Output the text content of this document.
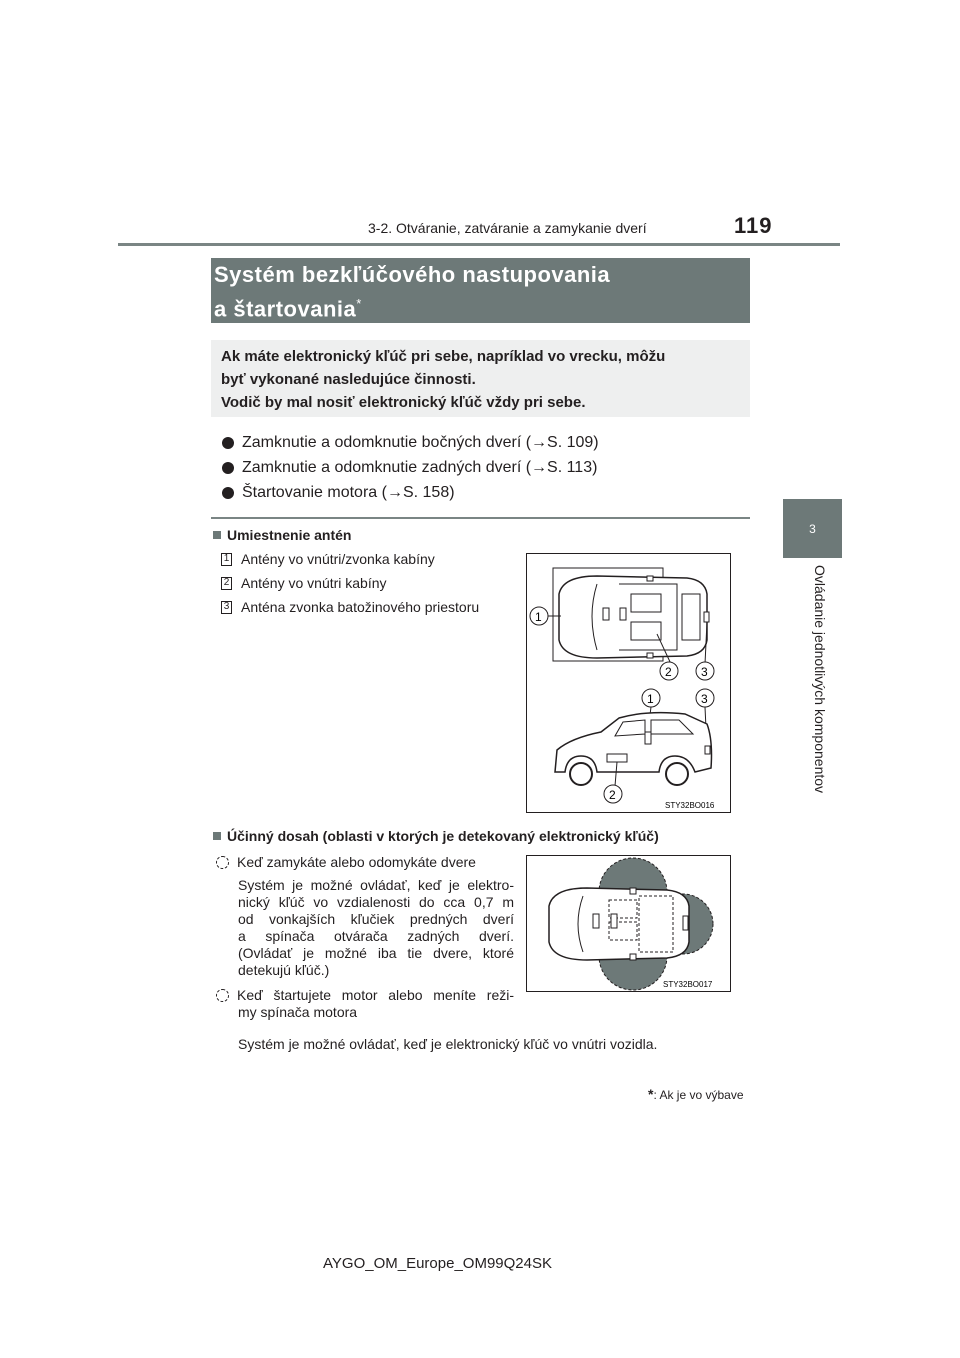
3-2. Otváranie, zatváranie a zamykanie dverí	119
3
Ovládanie jednotlivých komponentov
Systém bezkľúčového nastupovania
a štartovania*
Ak máte elektronický kľúč pri sebe, napríklad vo vrecku, môžu
byť vykonané nasledujúce činnosti.
Vodič by mal nosiť elektronický kľúč vždy pri sebe.
Zamknutie a odomknutie bočných dverí (→S. 109)
Zamknutie a odomknutie zadných dverí (→S. 113)
Štartovanie motora (→S. 158)
Umiestnenie antén
1 Antény vo vnútri/zvonka kabíny
2 Antény vo vnútri kabíny
3 Anténa zvonka batožinového priestoru
1
2 3
1	3
2
STY32BO016
Účinný dosah (oblasti v ktorých je detekovaný elektronický kľúč)
Keď zamykáte alebo odomykáte dvere
Systém je možné ovládať, keď je elektro-
nický kľúč vo vzdialenosti do cca 0,7 m
od vonkajších kľučiek predných dverí
a spínača otvárača zadných dverí.
(Ovládať je možné iba tie dvere, ktoré
detekujú kľúč.)
Keď štartujete motor alebo meníte reži-
my spínača motora
Systém je možné ovládať, keď je elektronický kľúč vo vnútri vozidla.
STY32BO017
*: Ak je vo výbave
AYGO_OM_Europe_OM99Q24SK
